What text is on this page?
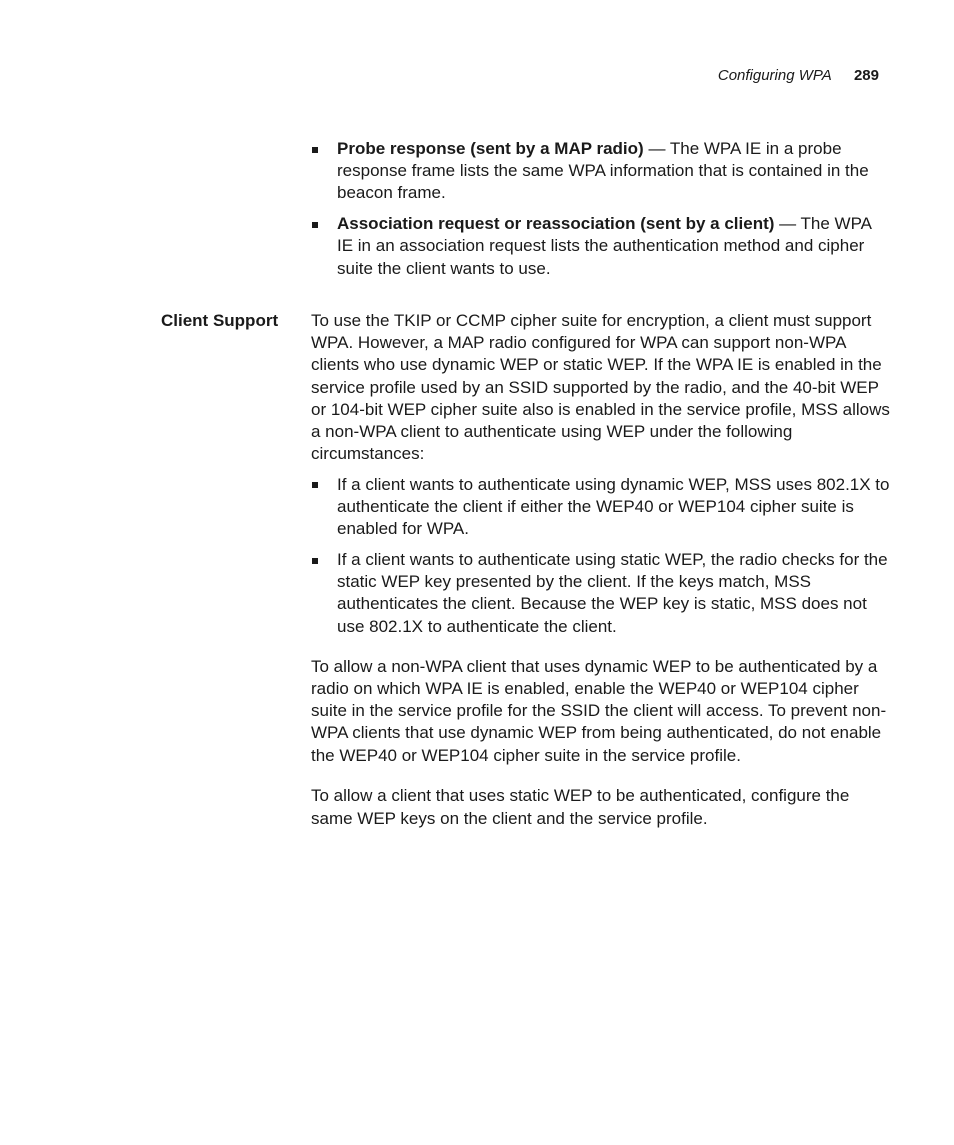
Configuring WPA 289
Probe response (sent by a MAP radio) — The WPA IE in a probe response frame lists the same WPA information that is contained in the beacon frame.
Association request or reassociation (sent by a client) — The WPA IE in an association request lists the authentication method and cipher suite the client wants to use.
Client Support To use the TKIP or CCMP cipher suite for encryption, a client must support WPA. However, a MAP radio configured for WPA can support non-WPA clients who use dynamic WEP or static WEP. If the WPA IE is enabled in the service profile used by an SSID supported by the radio, and the 40-bit WEP or 104-bit WEP cipher suite also is enabled in the service profile, MSS allows a non-WPA client to authenticate using WEP under the following circumstances:

If a client wants to authenticate using dynamic WEP, MSS uses 802.1X to authenticate the client if either the WEP40 or WEP104 cipher suite is enabled for WPA.
If a client wants to authenticate using static WEP, the radio checks for the static WEP key presented by the client. If the keys match, MSS authenticates the client. Because the WEP key is static, MSS does not use 802.1X to authenticate the client.

To allow a non-WPA client that uses dynamic WEP to be authenticated by a radio on which WPA IE is enabled, enable the WEP40 or WEP104 cipher suite in the service profile for the SSID the client will access. To prevent non-WPA clients that use dynamic WEP from being authenticated, do not enable the WEP40 or WEP104 cipher suite in the service profile.

To allow a client that uses static WEP to be authenticated, configure the same WEP keys on the client and the service profile.
